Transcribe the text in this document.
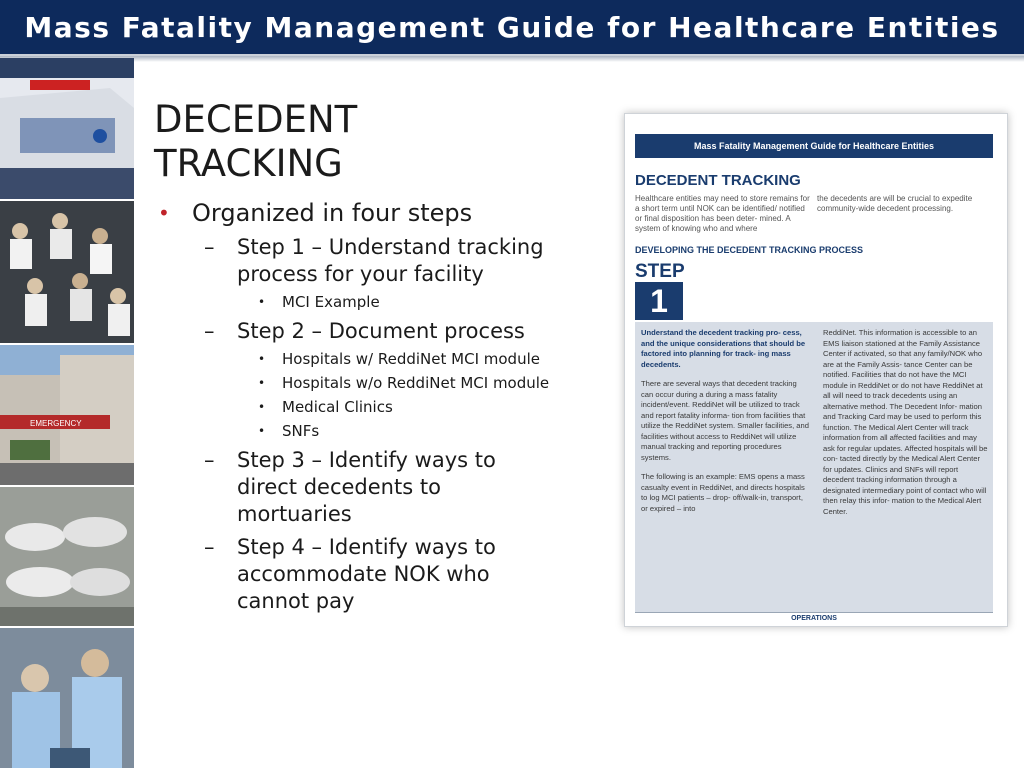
Mass Fatality Management Guide for Healthcare Entities
EMERGENCY
DECEDENT
TRACKING
• Organized in four steps
– Step 1 – Understand tracking process for your facility
• MCI Example
– Step 2 – Document process
• Hospitals w/ ReddiNet MCI module
• Hospitals w/o ReddiNet MCI module
• Medical Clinics
• SNFs
– Step 3 – Identify ways to direct decedents to mortuaries
– Step 4 – Identify ways to accommodate NOK who cannot pay
Mass Fatality Management Guide for Healthcare Entities
DECEDENT TRACKING
Healthcare entities may need to store remains for a short term until NOK can be identified/ notified or final disposition has been deter- mined. A system of knowing who and where
the decedents are will be crucial to expedite community-wide decedent processing.
DEVELOPING THE DECEDENT TRACKING PROCESS
STEP
1

Understand the decedent tracking pro- cess, and the unique considerations that should be factored into planning for track- ing mass decedents.

There are several ways that decedent tracking can occur during a during a mass fatality incident/event. ReddiNet will be utilized to track and report fatality informa- tion from facilities that utilize the ReddiNet system. Smaller facilities, and facilities without access to ReddiNet will utilize manual tracking and reporting procedures systems.

The following is an example: EMS opens a mass casualty event in ReddiNet, and directs hospitals to log MCI patients – drop- off/walk-in, transport, or expired – into

ReddiNet. This information is accessible to an EMS liaison stationed at the Family Assistance Center if activated, so that any family/NOK who are at the Family Assis- tance Center can be notified. Facilities that do not have the MCI module in ReddiNet or do not have ReddiNet at all will need to track decedents using an alternative method. The Decedent Infor- mation and Tracking Card may be used to perform this function. The Medical Alert Center will track information from all affected facilities and may ask for regular updates. Affected hospitals will be con- tacted directly by the Medical Alert Center for updates. Clinics and SNFs will report decedent tracking information through a designated intermediary point of contact who will then relay this infor- mation to the Medical Alert Center.

OPERATIONS
